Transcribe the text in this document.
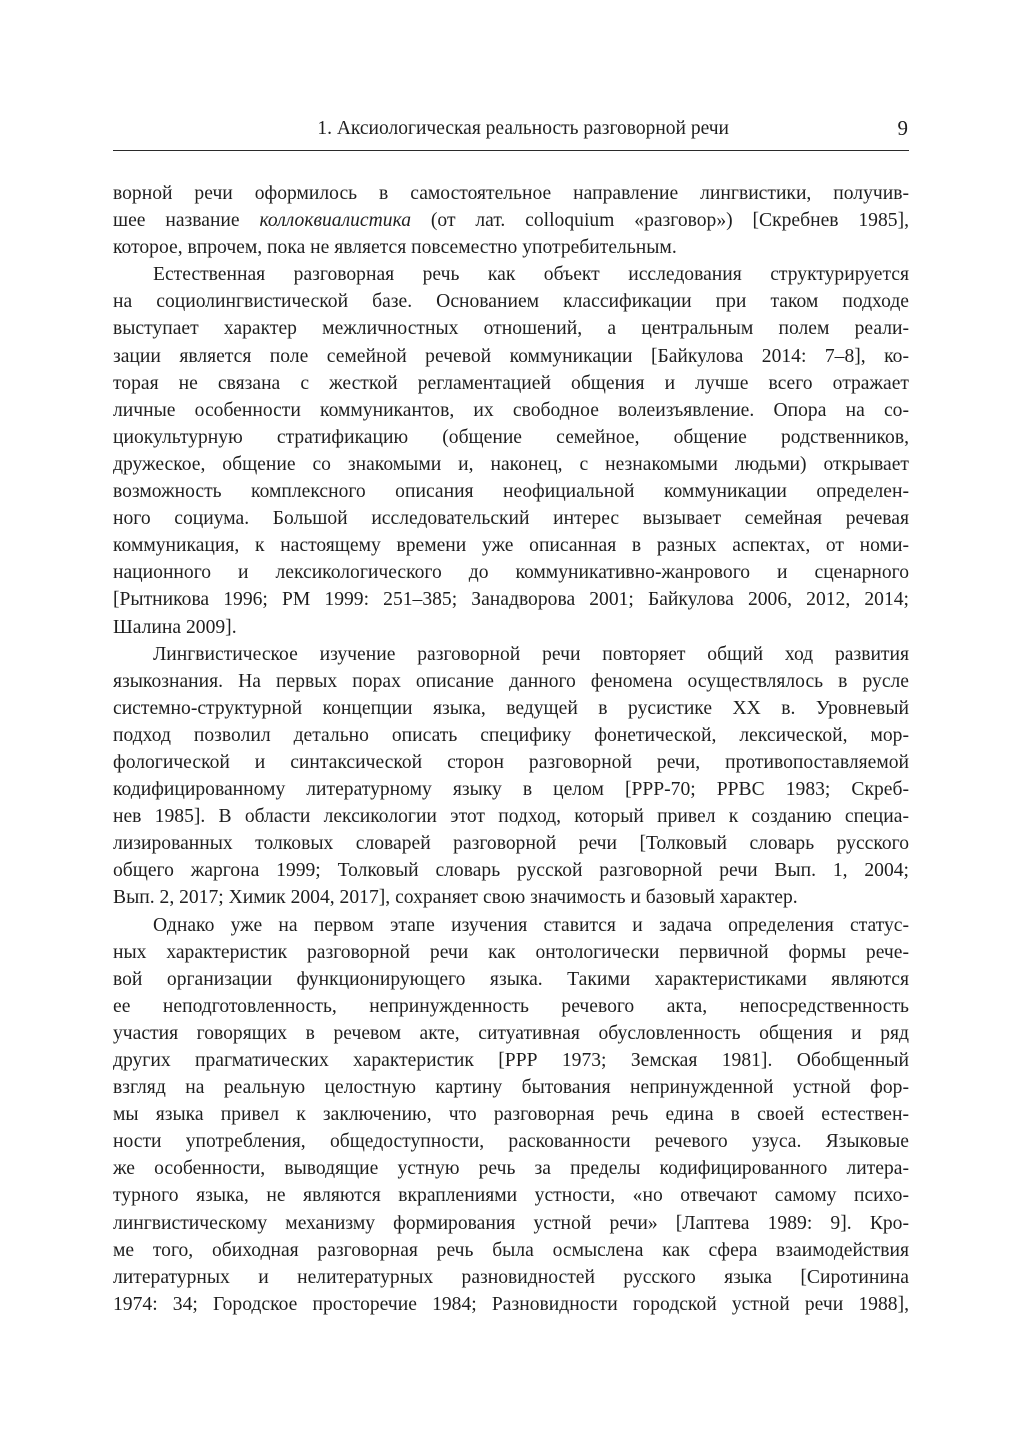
1. Аксиологическая реальность разговорной речи	9
ворной речи оформилось в самостоятельное направление лингвистики, получив-
шее название коллоквиалистика (от лат. colloquium «разговор») [Скребнев 1985],
которое, впрочем, пока не является повсеместно употребительным.
Естественная разговорная речь как объект исследования структурируется
на социолингвистической базе. Основанием классификации при таком подходе
выступает характер межличностных отношений, а центральным полем реали-
зации является поле семейной речевой коммуникации [Байкулова 2014: 7–8], ко-
торая не связана с жесткой регламентацией общения и лучше всего отражает
личные особенности коммуникантов, их свободное волеизъявление. Опора на со-
циокультурную стратификацию (общение семейное, общение родственников,
дружеское, общение со знакомыми и, наконец, с незнакомыми людьми) открывает
возможность комплексного описания неофициальной коммуникации определен-
ного социума. Большой исследовательский интерес вызывает семейная речевая
коммуникация, к настоящему времени уже описанная в разных аспектах, от номи-
национного и лексикологического до коммуникативно-жанрового и сценарного
[Рытникова 1996; РМ 1999: 251–385; Занадворова 2001; Байкулова 2006, 2012, 2014;
Шалина 2009].
Лингвистическое изучение разговорной речи повторяет общий ход развития
языкознания. На первых порах описание данного феномена осуществлялось в русле
системно-структурной концепции языка, ведущей в русистике XX в. Уровневый
подход позволил детально описать специфику фонетической, лексической, мор-
фологической и синтаксической сторон разговорной речи, противопоставляемой
кодифицированному литературному языку в целом [РРР-70; РРВС 1983; Скреб-
нев 1985]. В области лексикологии этот подход, который привел к созданию специа-
лизированных толковых словарей разговорной речи [Толковый словарь русского
общего жаргона 1999; Толковый словарь русской разговорной речи Вып. 1, 2004;
Вып. 2, 2017; Химик 2004, 2017], сохраняет свою значимость и базовый характер.
Однако уже на первом этапе изучения ставится и задача определения статус-
ных характеристик разговорной речи как онтологически первичной формы рече-
вой организации функционирующего языка. Такими характеристиками являются
ее неподготовленность, непринужденность речевого акта, непосредственность
участия говорящих в речевом акте, ситуативная обусловленность общения и ряд
других прагматических характеристик [РРР 1973; Земская 1981]. Обобщенный
взгляд на реальную целостную картину бытования непринужденной устной фор-
мы языка привел к заключению, что разговорная речь едина в своей естествен-
ности употребления, общедоступности, раскованности речевого узуса. Языковые
же особенности, выводящие устную речь за пределы кодифицированного литера-
турного языка, не являются вкраплениями устности, «но отвечают самому психо-
лингвистическому механизму формирования устной речи» [Лаптева 1989: 9]. Кро-
ме того, обиходная разговорная речь была осмыслена как сфера взаимодействия
литературных и нелитературных разновидностей русского языка [Сиротинина
1974: 34; Городское просторечие 1984; Разновидности городской устной речи 1988],
